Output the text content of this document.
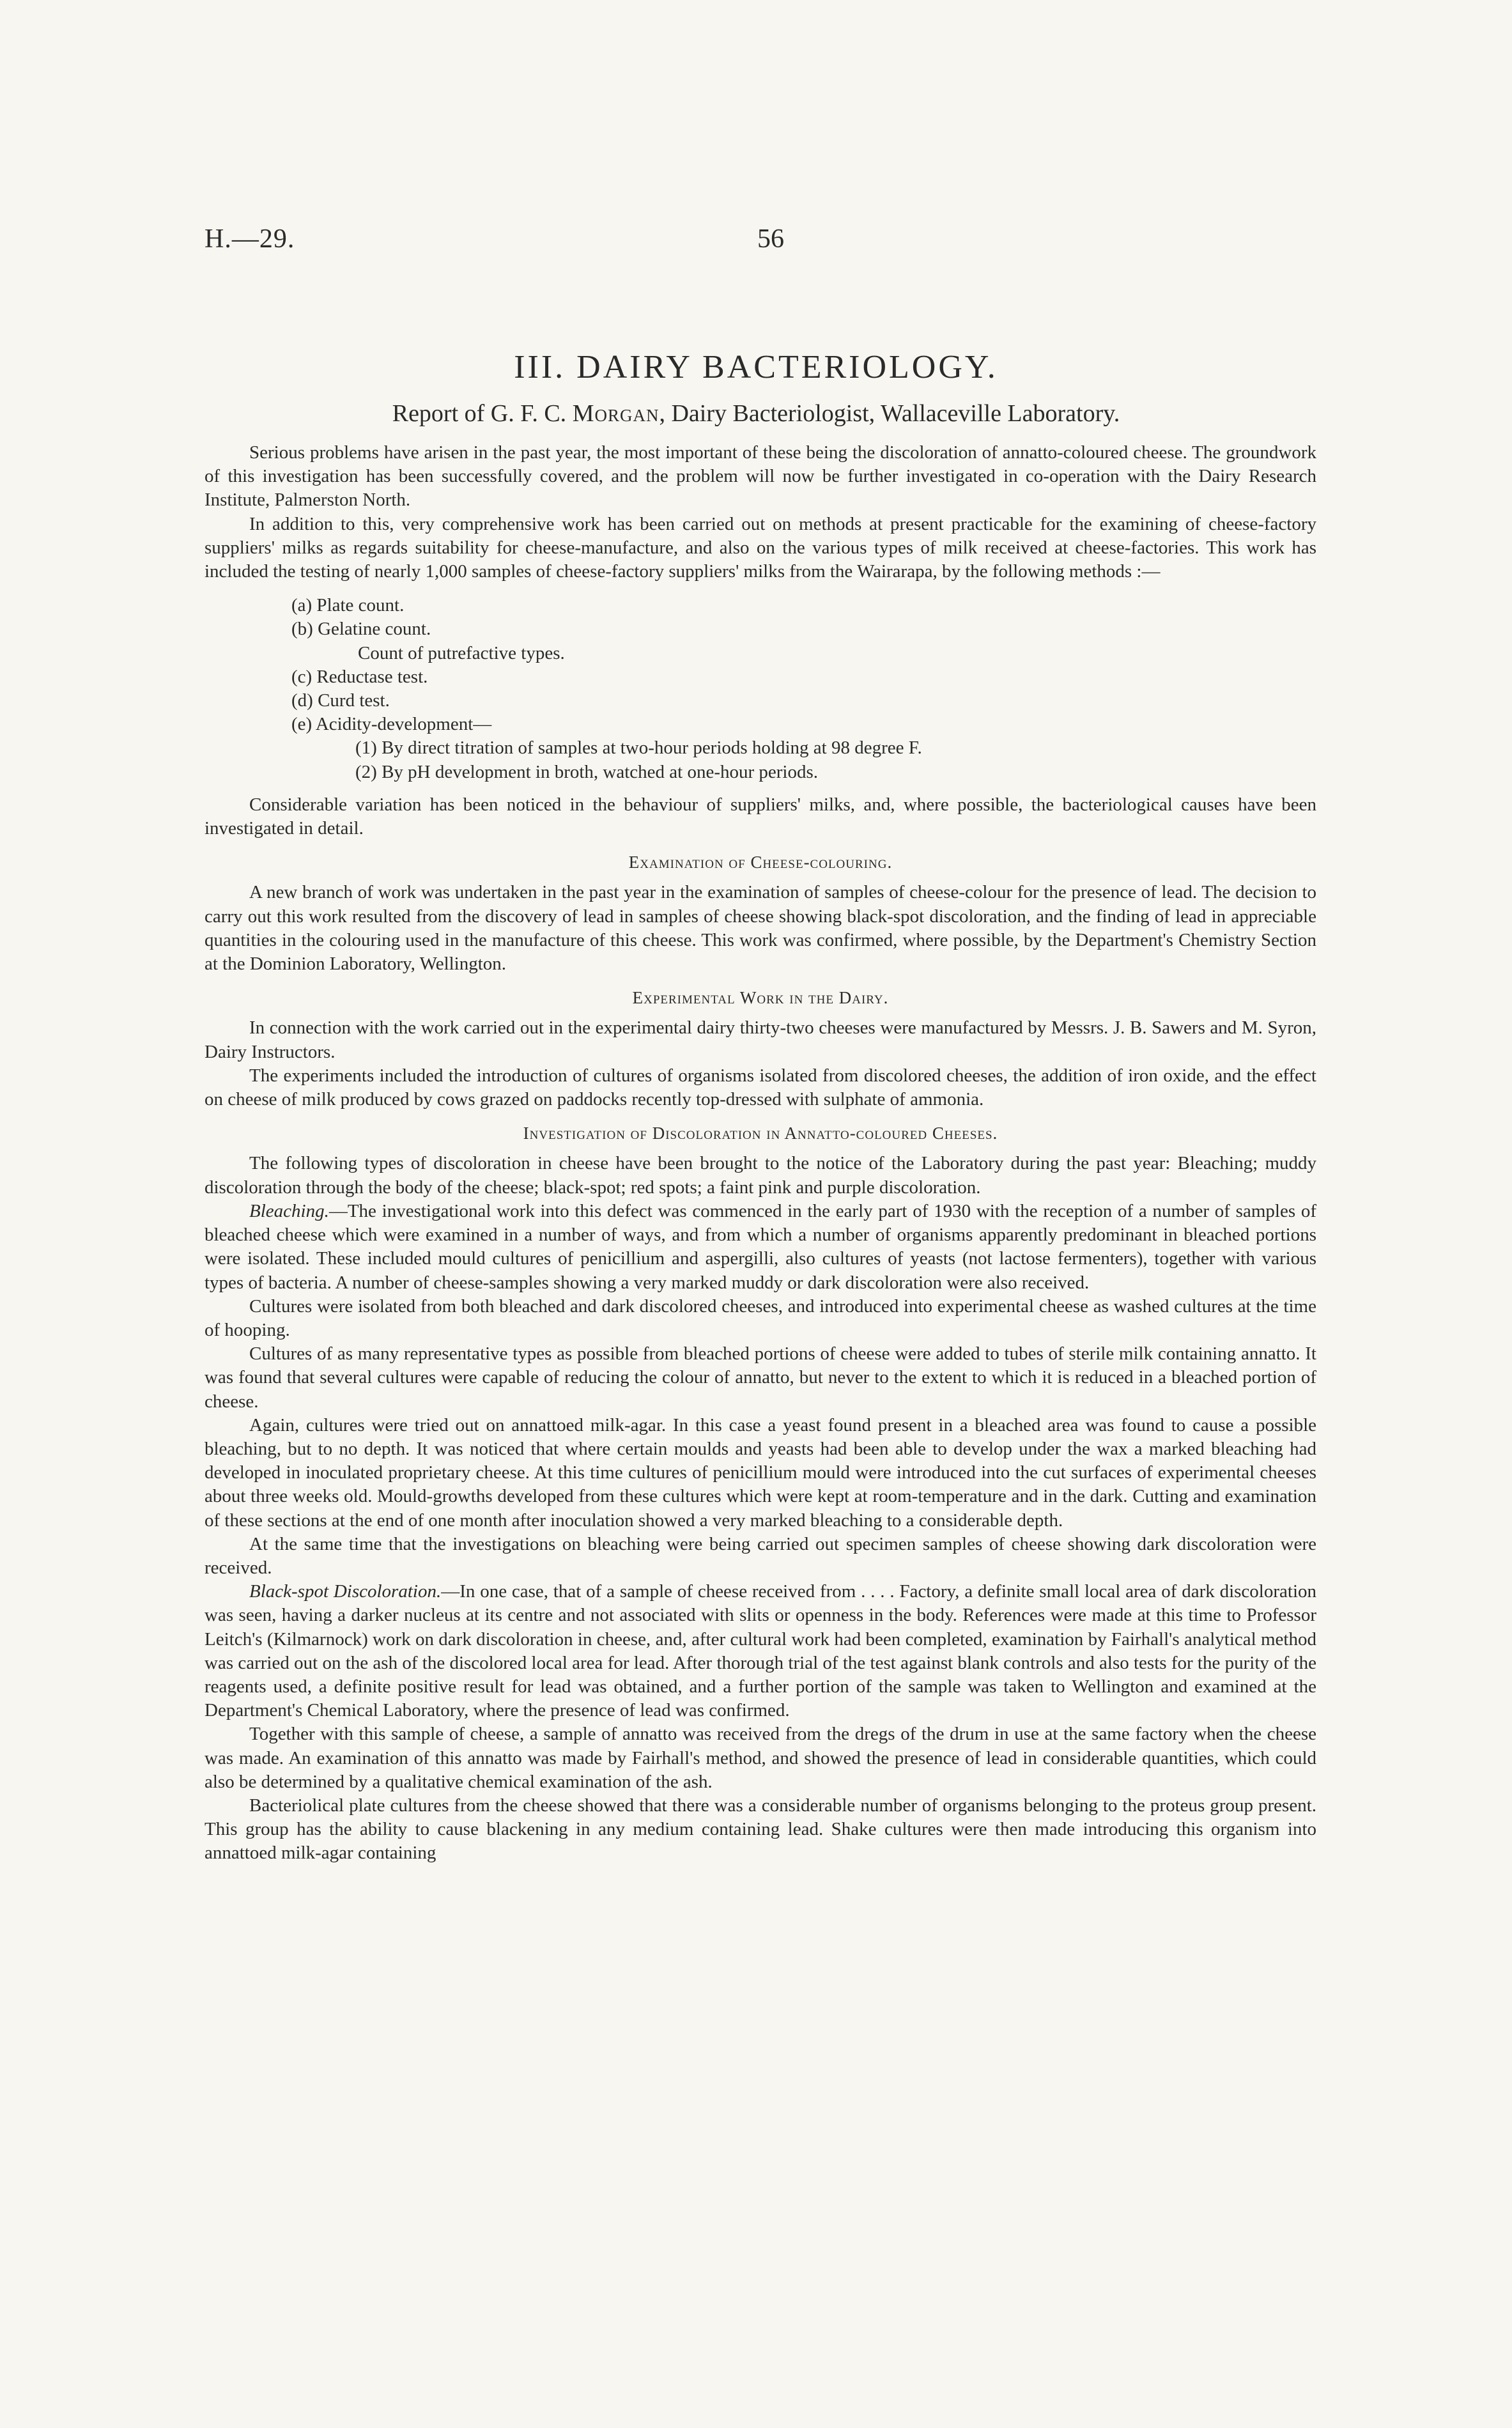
H.—29.	56
III. DAIRY BACTERIOLOGY.
Report of G. F. C. Morgan, Dairy Bacteriologist, Wallaceville Laboratory.

Serious problems have arisen in the past year, the most important of these being the discoloration of annatto-coloured cheese. The groundwork of this investigation has been successfully covered, and the problem will now be further investigated in co-operation with the Dairy Research Institute, Palmerston North.

In addition to this, very comprehensive work has been carried out on methods at present practicable for the examining of cheese-factory suppliers' milks as regards suitability for cheese-manufacture, and also on the various types of milk received at cheese-factories. This work has included the testing of nearly 1,000 samples of cheese-factory suppliers' milks from the Wairarapa, by the following methods :—

(a) Plate count.
(b) Gelatine count.
Count of putrefactive types.
(c) Reductase test.
(d) Curd test.
(e) Acidity-development—
(1) By direct titration of samples at two-hour periods holding at 98 degree F.
(2) By pH development in broth, watched at one-hour periods.

Considerable variation has been noticed in the behaviour of suppliers' milks, and, where possible, the bacteriological causes have been investigated in detail.

Examination of Cheese-colouring.

A new branch of work was undertaken in the past year in the examination of samples of cheese-colour for the presence of lead. The decision to carry out this work resulted from the discovery of lead in samples of cheese showing black-spot discoloration, and the finding of lead in appreciable quantities in the colouring used in the manufacture of this cheese. This work was confirmed, where possible, by the Department's Chemistry Section at the Dominion Laboratory, Wellington.

Experimental Work in the Dairy.

In connection with the work carried out in the experimental dairy thirty-two cheeses were manufactured by Messrs. J. B. Sawers and M. Syron, Dairy Instructors.

The experiments included the introduction of cultures of organisms isolated from discolored cheeses, the addition of iron oxide, and the effect on cheese of milk produced by cows grazed on paddocks recently top-dressed with sulphate of ammonia.

Investigation of Discoloration in Annatto-coloured Cheeses.

The following types of discoloration in cheese have been brought to the notice of the Laboratory during the past year: Bleaching; muddy discoloration through the body of the cheese; black-spot; red spots; a faint pink and purple discoloration.

Bleaching.—The investigational work into this defect was commenced in the early part of 1930 with the reception of a number of samples of bleached cheese which were examined in a number of ways, and from which a number of organisms apparently predominant in bleached portions were isolated. These included mould cultures of penicillium and aspergilli, also cultures of yeasts (not lactose fermenters), together with various types of bacteria. A number of cheese-samples showing a very marked muddy or dark discoloration were also received.

Cultures were isolated from both bleached and dark discolored cheeses, and introduced into experimental cheese as washed cultures at the time of hooping.

Cultures of as many representative types as possible from bleached portions of cheese were added to tubes of sterile milk containing annatto. It was found that several cultures were capable of reducing the colour of annatto, but never to the extent to which it is reduced in a bleached portion of cheese.

Again, cultures were tried out on annattoed milk-agar. In this case a yeast found present in a bleached area was found to cause a possible bleaching, but to no depth. It was noticed that where certain moulds and yeasts had been able to develop under the wax a marked bleaching had developed in inoculated proprietary cheese. At this time cultures of penicillium mould were introduced into the cut surfaces of experimental cheeses about three weeks old. Mould-growths developed from these cultures which were kept at room-temperature and in the dark. Cutting and examination of these sections at the end of one month after inoculation showed a very marked bleaching to a considerable depth.

At the same time that the investigations on bleaching were being carried out specimen samples of cheese showing dark discoloration were received.

Black-spot Discoloration.—In one case, that of a sample of cheese received from . . . . Factory, a definite small local area of dark discoloration was seen, having a darker nucleus at its centre and not associated with slits or openness in the body. References were made at this time to Professor Leitch's (Kilmarnock) work on dark discoloration in cheese, and, after cultural work had been completed, examination by Fairhall's analytical method was carried out on the ash of the discolored local area for lead. After thorough trial of the test against blank controls and also tests for the purity of the reagents used, a definite positive result for lead was obtained, and a further portion of the sample was taken to Wellington and examined at the Department's Chemical Laboratory, where the presence of lead was confirmed.

Together with this sample of cheese, a sample of annatto was received from the dregs of the drum in use at the same factory when the cheese was made. An examination of this annatto was made by Fairhall's method, and showed the presence of lead in considerable quantities, which could also be determined by a qualitative chemical examination of the ash.

Bacteriolical plate cultures from the cheese showed that there was a considerable number of organisms belonging to the proteus group present. This group has the ability to cause blackening in any medium containing lead. Shake cultures were then made introducing this organism into annattoed milk-agar containing
